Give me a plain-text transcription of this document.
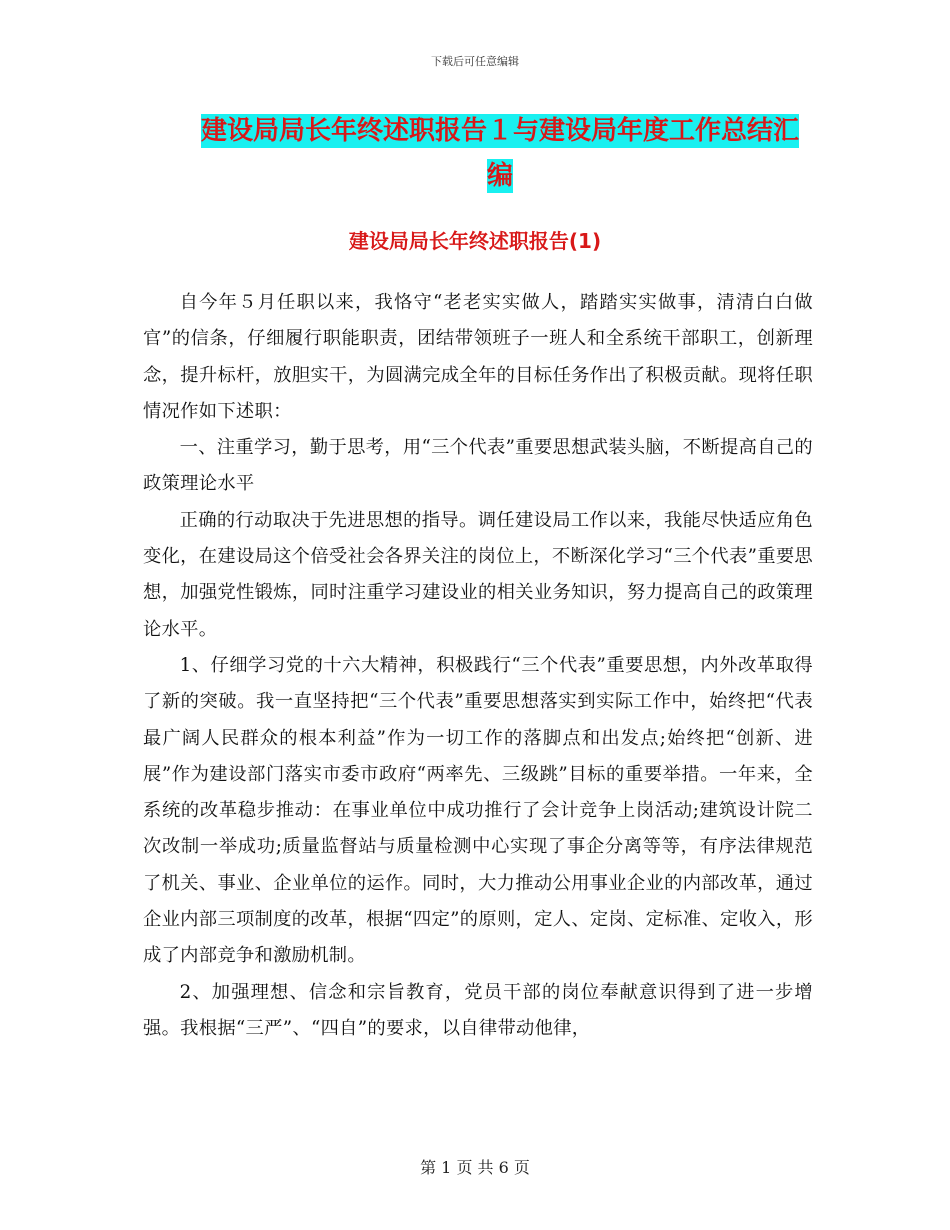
下载后可任意编辑
建设局局长年终述职报告１与建设局年度工作总结汇
编
建设局局长年终述职报告(1)

自今年５月任职以来，我恪守“老老实实做人，踏踏实实做事，清清白白做官”的信条，仔细履行职能职责，团结带领班子一班人和全系统干部职工，创新理念，提升标杆，放胆实干，为圆满完成全年的目标任务作出了积极贡献。现将任职情况作如下述职：

一、注重学习，勤于思考，用“三个代表”重要思想武装头脑，不断提高自己的政策理论水平

正确的行动取决于先进思想的指导。调任建设局工作以来，我能尽快适应角色变化，在建设局这个倍受社会各界关注的岗位上，不断深化学习“三个代表”重要思想，加强党性锻炼，同时注重学习建设业的相关业务知识，努力提高自己的政策理论水平。

1、仔细学习党的十六大精神，积极践行“三个代表”重要思想，内外改革取得了新的突破。我一直坚持把“三个代表”重要思想落实到实际工作中，始终把“代表最广阔人民群众的根本利益”作为一切工作的落脚点和出发点;始终把“创新、进展”作为建设部门落实市委市政府“两率先、三级跳”目标的重要举措。一年来，全系统的改革稳步推动：在事业单位中成功推行了会计竞争上岗活动;建筑设计院二次改制一举成功;质量监督站与质量检测中心实现了事企分离等等，有序法律规范了机关、事业、企业单位的运作。同时，大力推动公用事业企业的内部改革，通过企业内部三项制度的改革，根据“四定”的原则，定人、定岗、定标准、定收入，形成了内部竞争和激励机制。

2、加强理想、信念和宗旨教育，党员干部的岗位奉献意识得到了进一步增强。我根据“三严”、“四自”的要求，以自律带动他律，

第 1 页 共 6 页
